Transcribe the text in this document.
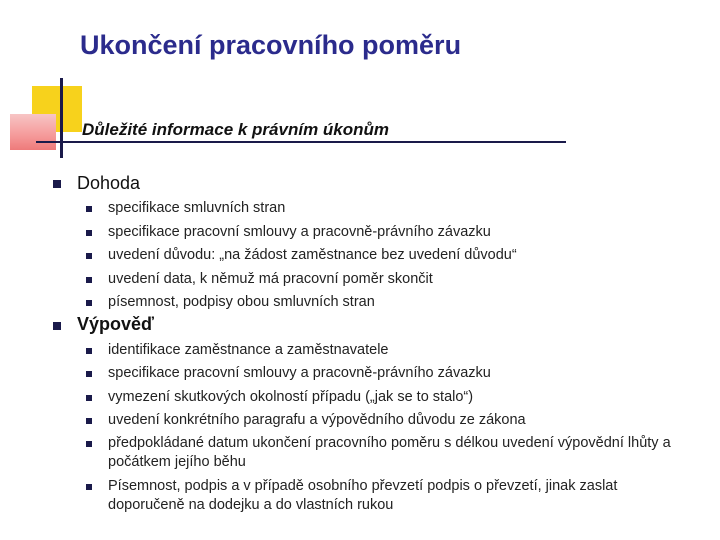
Ukončení pracovního poměru
Důležité informace k právním úkonům
Dohoda
specifikace smluvních stran
specifikace pracovní smlouvy a pracovně-právního závazku
uvedení důvodu: „na žádost zaměstnance bez uvedení důvodu“
uvedení data, k němuž má pracovní poměr skončit
písemnost, podpisy obou smluvních stran
Výpověď
identifikace zaměstnance a zaměstnavatele
specifikace pracovní smlouvy a pracovně-právního závazku
vymezení skutkových okolností případu („jak se to stalo“)
uvedení konkrétního paragrafu a výpovědního důvodu ze zákona
předpokládané datum ukončení pracovního poměru s délkou uvedení výpovědní lhůty a počátkem jejího běhu
Písemnost, podpis a v případě osobního převzetí podpis o převzetí, jinak zaslat doporučeně na dodejku a do vlastních rukou
